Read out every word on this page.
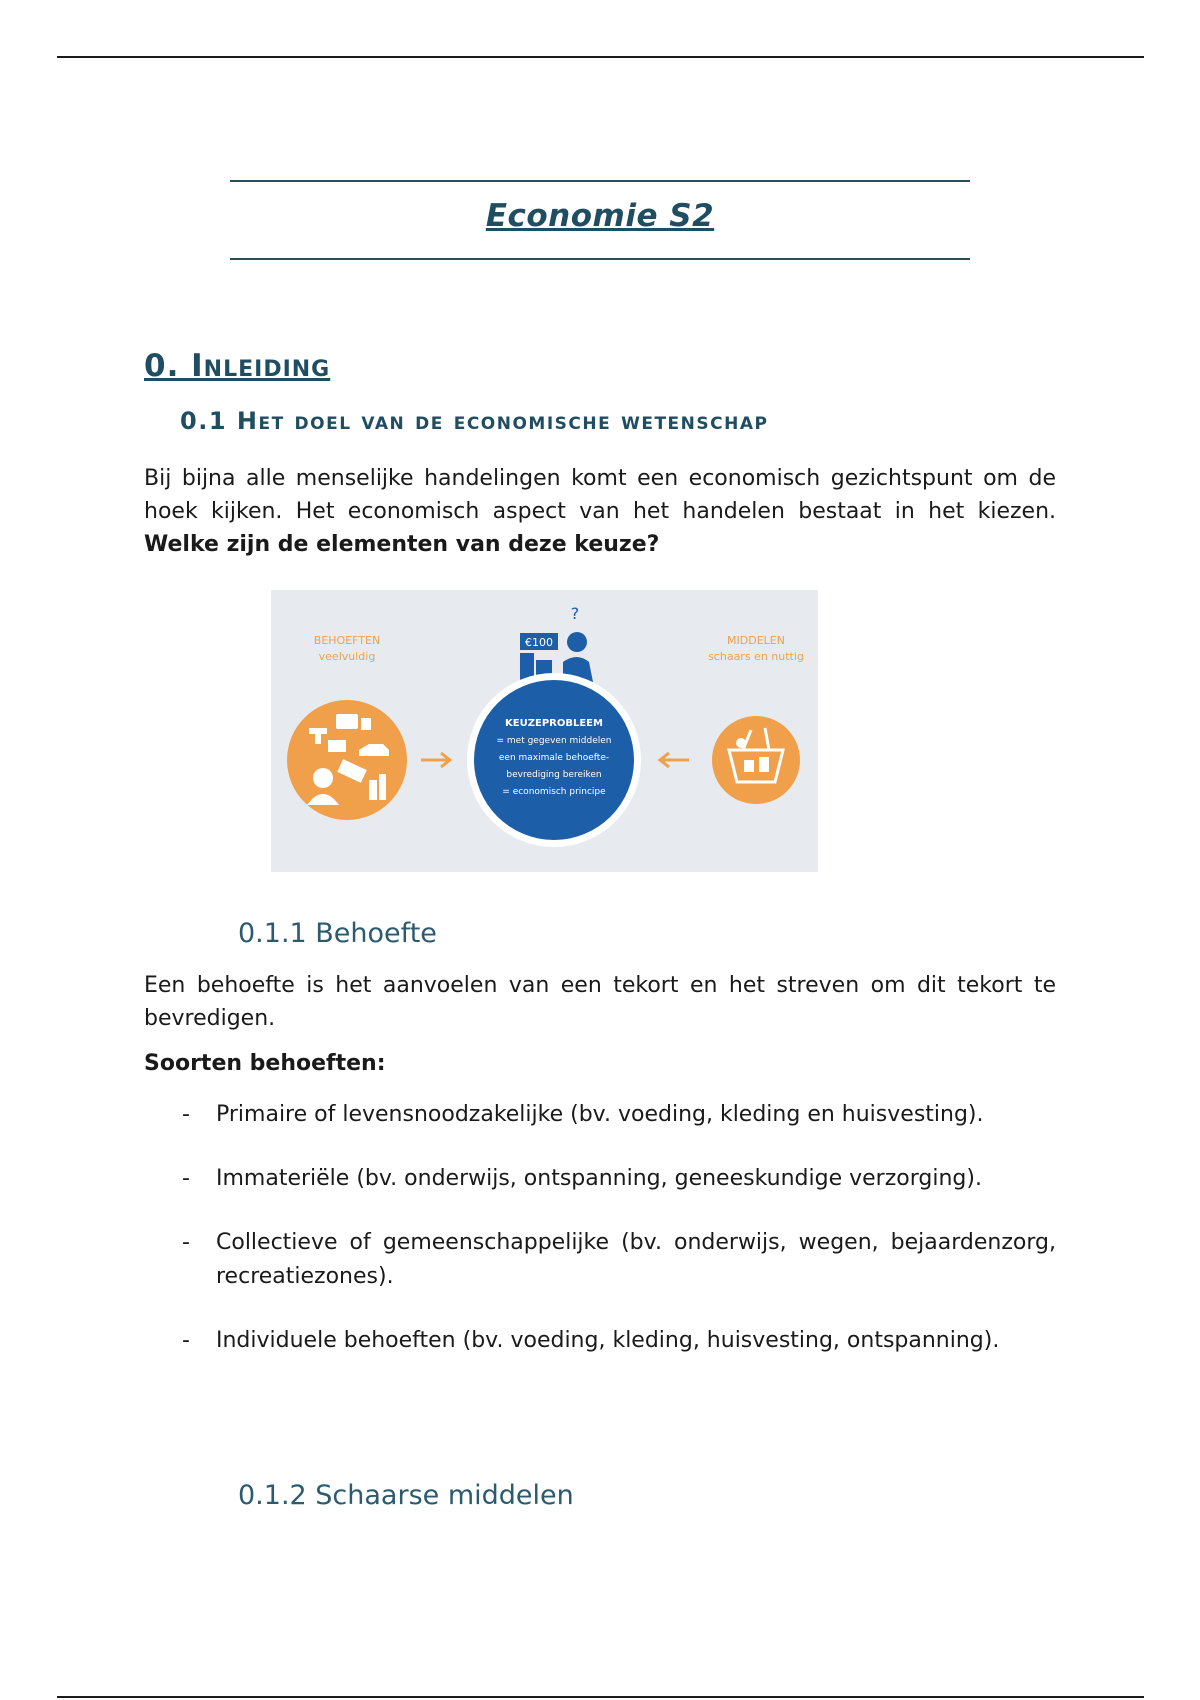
Economie S2
0. Inleiding
0.1 Het doel van de economische wetenschap

Bij bijna alle menselijke handelingen komt een economisch gezichtspunt om de hoek kijken. Het economisch aspect van het handelen bestaat in het kiezen. Welke zijn de elementen van deze keuze?

BEHOEFTEN
veelvuldig
?
€100
KEUZEPROBLEEM
= met gegeven middelen
een maximale behoefte-
bevrediging bereiken
= economisch principe
MIDDELEN
schaars en nuttig
0.1.1 Behoefte

Een behoefte is het aanvoelen van een tekort en het streven om dit tekort te bevredigen.

Soorten behoeften:

- Primaire of levensnoodzakelijke (bv. voeding, kleding en huisvesting).
- Immateriële (bv. onderwijs, ontspanning, geneeskundige verzorging).
- Collectieve of gemeenschappelijke (bv. onderwijs, wegen, bejaardenzorg, recreatiezones).
- Individuele behoeften (bv. voeding, kleding, huisvesting, ontspanning).
0.1.2 Schaarse middelen
